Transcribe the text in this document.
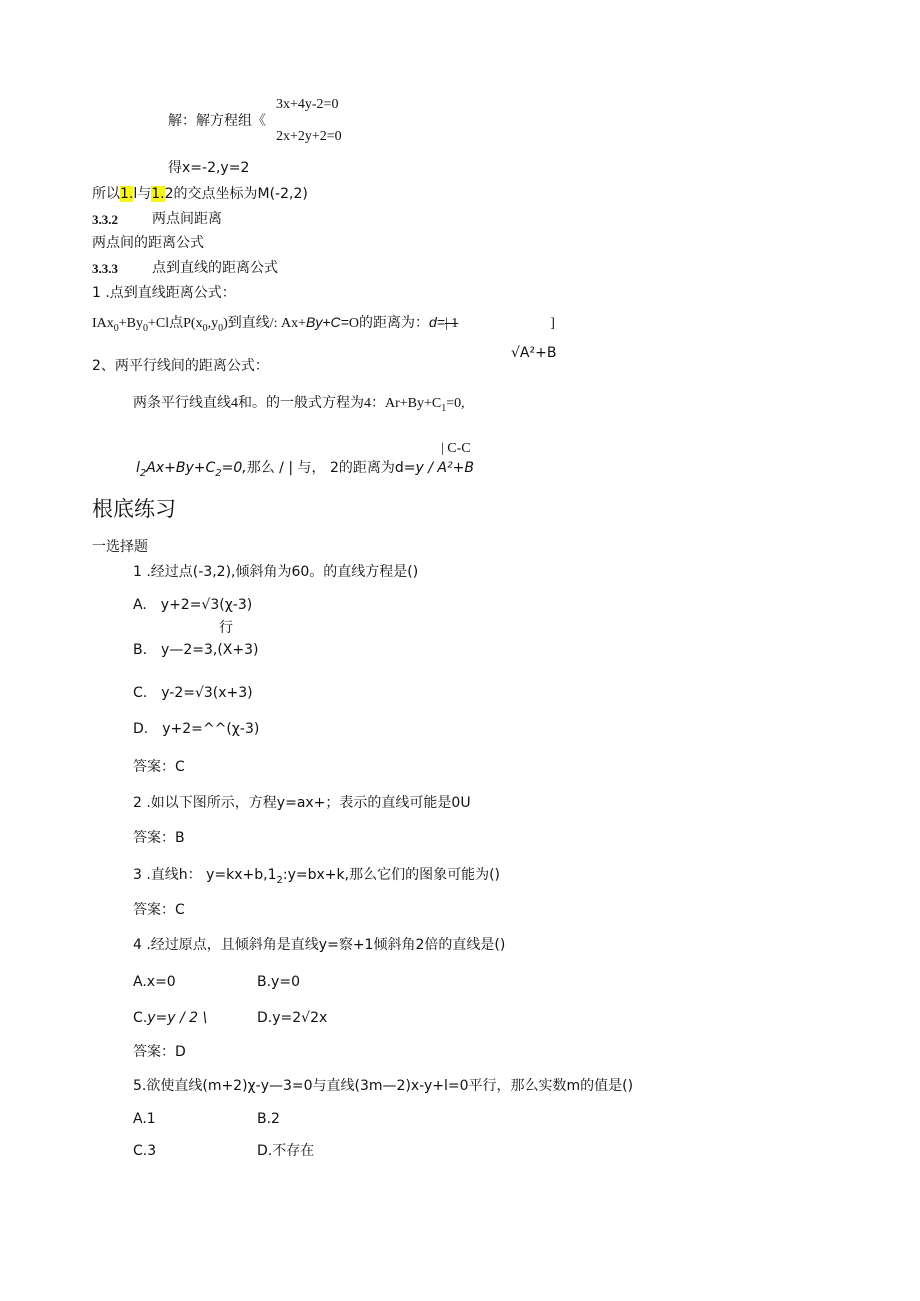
3x+4y-2=0
解：解方程组《
2x+2y+2=0
得x=-2,y=2
所以1.l与1.2的交点坐标为M(-2,2)
3.3.2 两点间距离
两点间的距离公式
3.3.3 点到直线的距离公式
1 .点到直线距离公式：
$IAx_0+By_0+Cl$点$P(x_0,y_0)$到直线/: Ax+By+C=O的距离为：d=| 1	]
√A²+B
2、两平行线间的距离公式：
两条平行线直线4和。的一般式方程为4：$Ar+By+C_1=0$,
| C-C
$l_2Ax+By+C_2=0$,那么 / | 与， 2的距离为d=y / A²+B
根底练习
一选择题
1 .经过点(-3,2),倾斜角为60。的直线方程是()
A.　y+2=√3(χ-3)
行
B.　y—2=3,(X+3)
C.　y-2=√3(x+3)
D.　y+2=^^(χ-3)
答案：C
2 .如以下图所示，方程y=ax+；表示的直线可能是0U
答案：B
3 .直线h： $y=kx+b,1_2:y=bx+k$,那么它们的图象可能为()
答案：C
4 .经过原点，且倾斜角是直线y=察+1倾斜角2倍的直线是()
A.x=0	B.y=0
C.y=y / 2 \	D.y=2√2x
答案：D
5.欲使直线(m+2)χ-y—3=0与直线(3m—2)x-y+l=0平行，那么实数m的值是()
A.1	B.2
C.3	D.不存在
